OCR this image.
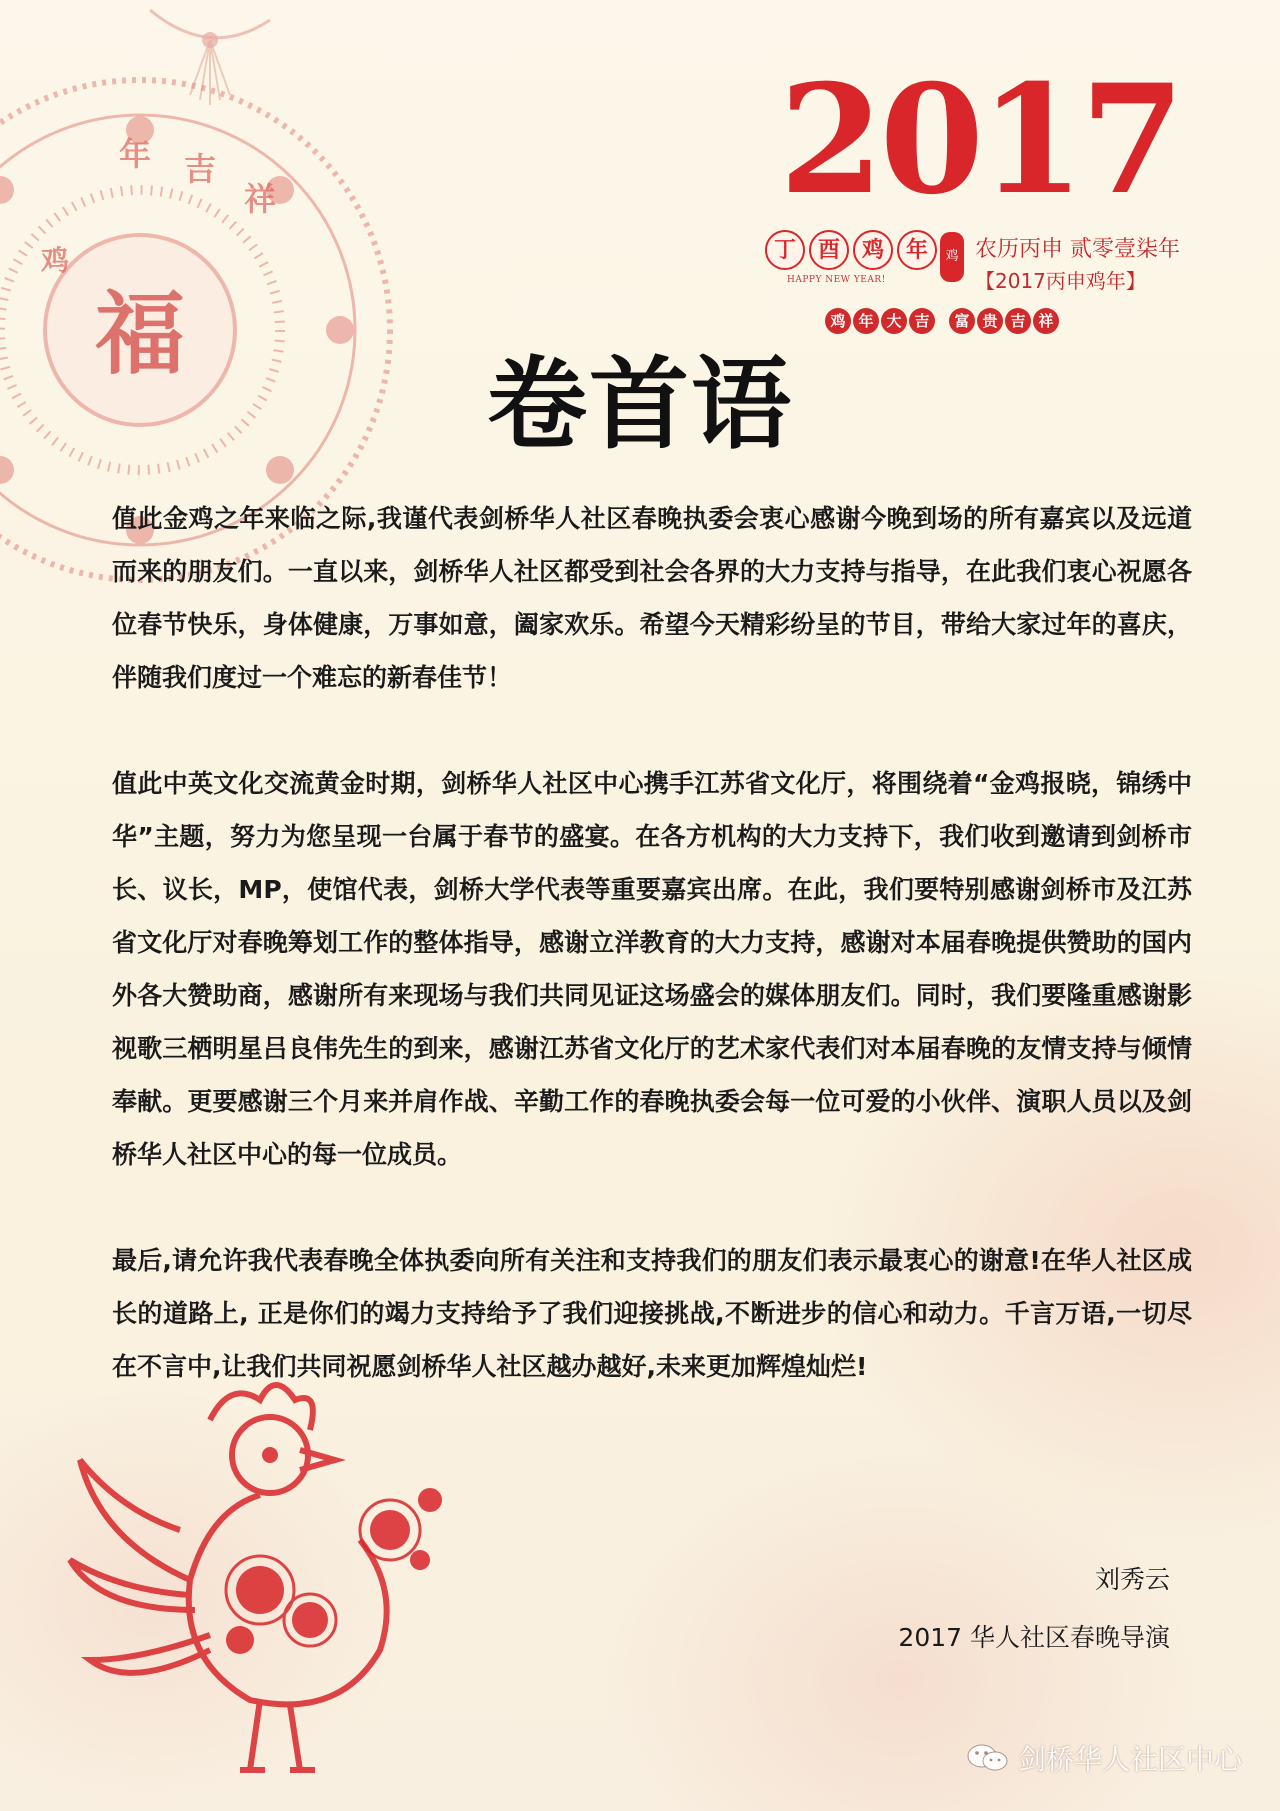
年 吉
祥
福
鸡
2017
丁 酉 鸡 年	鸡
HAPPY NEW YEAR!
农历丙申 贰零壹柒年
【2017丙申鸡年】
鸡 年 大 吉	富 贵 吉 祥
卷首语

值此金鸡之年来临之际,我谨代表剑桥华人社区春晚执委会衷心感谢今晚到场的所有嘉宾以及远道而来的朋友们。一直以来，剑桥华人社区都受到社会各界的大力支持与指导，在此我们衷心祝愿各位春节快乐，身体健康，万事如意，阖家欢乐。希望今天精彩纷呈的节目，带给大家过年的喜庆，伴随我们度过一个难忘的新春佳节！

值此中英文化交流黄金时期，剑桥华人社区中心携手江苏省文化厅，将围绕着“金鸡报晓，锦绣中华”主题，努力为您呈现一台属于春节的盛宴。在各方机构的大力支持下，我们收到邀请到剑桥市长、议长，MP，使馆代表，剑桥大学代表等重要嘉宾出席。在此，我们要特别感谢剑桥市及江苏省文化厅对春晚筹划工作的整体指导，感谢立洋教育的大力支持，感谢对本届春晚提供赞助的国内外各大赞助商，感谢所有来现场与我们共同见证这场盛会的媒体朋友们。同时，我们要隆重感谢影视歌三栖明星吕良伟先生的到来，感谢江苏省文化厅的艺术家代表们对本届春晚的友情支持与倾情奉献。更要感谢三个月来并肩作战、辛勤工作的春晚执委会每一位可爱的小伙伴、演职人员以及剑桥华人社区中心的每一位成员。

最后,请允许我代表春晚全体执委向所有关注和支持我们的朋友们表示最衷心的谢意!在华人社区成长的道路上, 正是你们的竭力支持给予了我们迎接挑战,不断进步的信心和动力。千言万语,一切尽在不言中,让我们共同祝愿剑桥华人社区越办越好,未来更加辉煌灿烂!

刘秀云
2017 华人社区春晚导演
剑桥华人社区中心
